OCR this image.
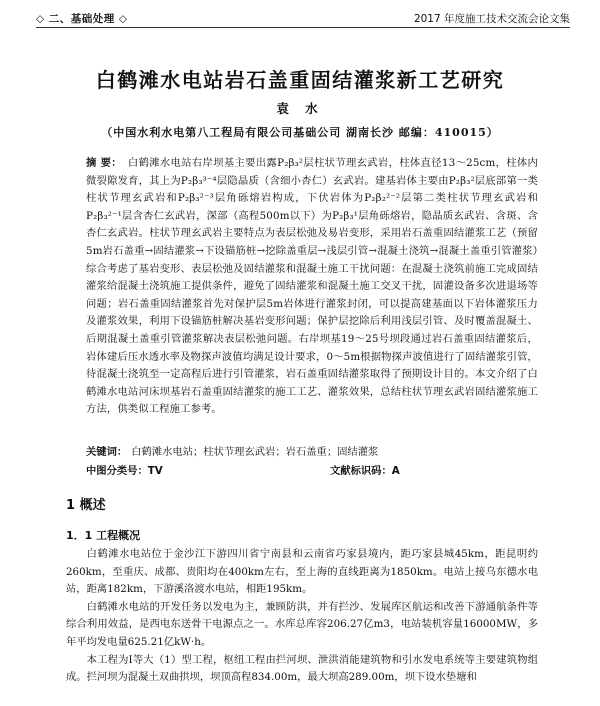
◇ 二、基础处理 ◇	2017 年度施工技术交流会论文集
白鹤滩水电站岩石盖重固结灌浆新工艺研究
袁 水
（中国水利水电第八工程局有限公司基础公司 湖南长沙 邮编：410015）
摘 要： 白鹤滩水电站右岸坝基主要出露P₂β₃²层柱状节理玄武岩，柱体直径13～25cm，柱体内微裂隙发育，其上为P₂β₃³⁻⁴层隐晶质（含细小杏仁）玄武岩。建基岩体主要由P₂β₃²层底部第一类柱状节理玄武岩和P₂β₃²⁻³层角砾熔岩构成，下伏岩体为P₂β₂²⁻²层第二类柱状节理玄武岩和P₂β₃²⁻¹层含杏仁玄武岩，深部（高程500m以下）为P₂β₃¹层角砾熔岩，隐晶质玄武岩、含斑、含杏仁玄武岩。柱状节理玄武岩主要特点为表层松弛及易岩变形，采用岩石盖重固结灌浆工艺（预留5m岩石盖重→固结灌浆→下设锚筋桩→挖除盖重层→浅层引管→混凝土浇筑→混凝土盖重引管灌浆）综合考虑了基岩变形、表层松弛及固结灌浆和混凝土施工干扰问题：在混凝土浇筑前施工完成固结灌浆给混凝土浇筑施工提供条件，避免了固结灌浆和混凝土施工交叉干扰，固灌设备多次进退场等问题；岩石盖重固结灌浆首先对保护层5m岩体进行灌浆封闭，可以提高建基面以下岩体灌浆压力及灌浆效果，利用下设锚筋桩解决基岩变形问题；保护层挖除后利用浅层引管、及时覆盖混凝土、后期混凝土盖重引管灌浆解决表层松弛问题。右岸坝基19～25号坝段通过岩石盖重固结灌浆后，岩体建后压水透水率及物探声波值均满足设计要求，0～5m根据物探声波值进行了固结灌浆引管，待混凝土浇筑至一定高程后进行引管灌浆，岩石盖重固结灌浆取得了预期设计目的。本文介绍了白鹤滩水电站河床坝基岩石盖重固结灌浆的施工工艺、灌浆效果，总结柱状节理玄武岩固结灌浆施工方法，供类似工程施工参考。
关键词： 白鹤滩水电站；柱状节理玄武岩；岩石盖重；固结灌浆
中图分类号：TV	文献标识码：A
1 概述
1．1 工程概况

白鹤滩水电站位于金沙江下游四川省宁南县和云南省巧家县境内，距巧家县城45km，距昆明约260km，至重庆、成都、贵阳均在400km左右，至上海的直线距离为1850km。电站上接乌东德水电站，距离182km，下游溪洛渡水电站，相距195km。

白鹤滩水电站的开发任务以发电为主，兼顾防洪，并有拦沙、发展库区航运和改善下游通航条件等综合利用效益，是西电东送骨干电源点之一。水库总库容206.27亿m3，电站装机容量16000MW，多年平均发电量625.21亿kW·h。

本工程为Ⅰ等大（1）型工程，枢纽工程由拦河坝、泄洪消能建筑物和引水发电系统等主要建筑物组成。拦河坝为混凝土双曲拱坝，坝顶高程834.00m，最大坝高289.00m，坝下设水垫塘和
